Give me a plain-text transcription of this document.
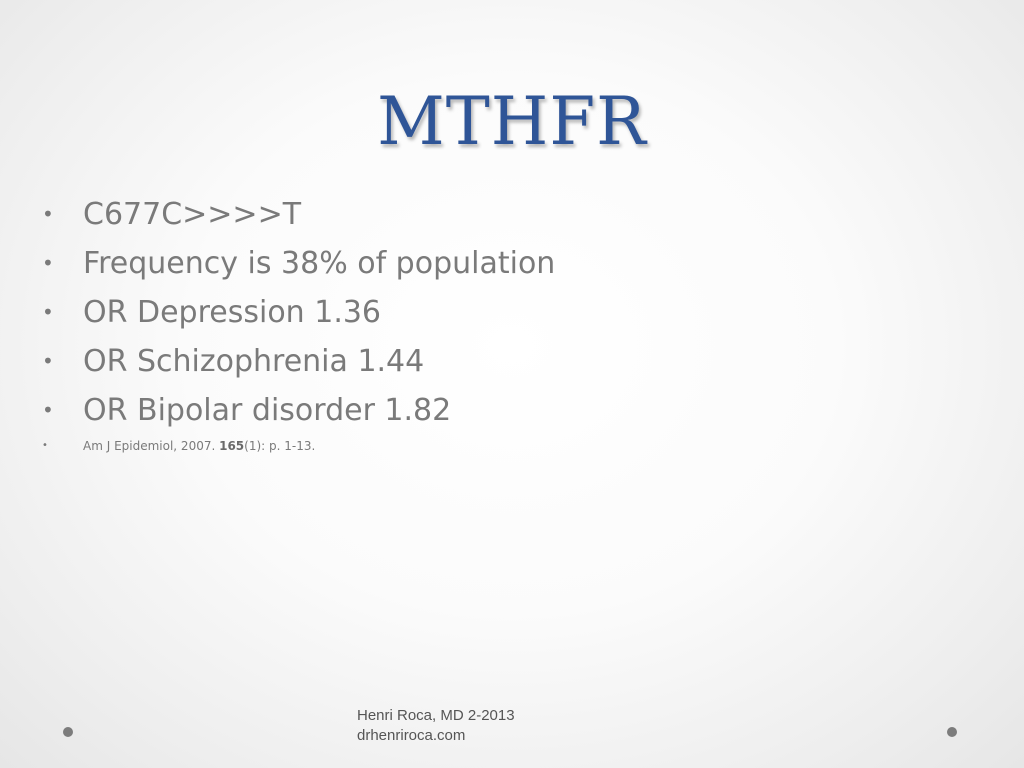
MTHFR
• C677C>>>>T
• Frequency is 38% of population
• OR Depression 1.36
• OR Schizophrenia 1.44
• OR Bipolar disorder 1.82
•	Am J Epidemiol, 2007. 165(1): p. 1-13.
Henri Roca, MD 2-2013
drhenriroca.com
